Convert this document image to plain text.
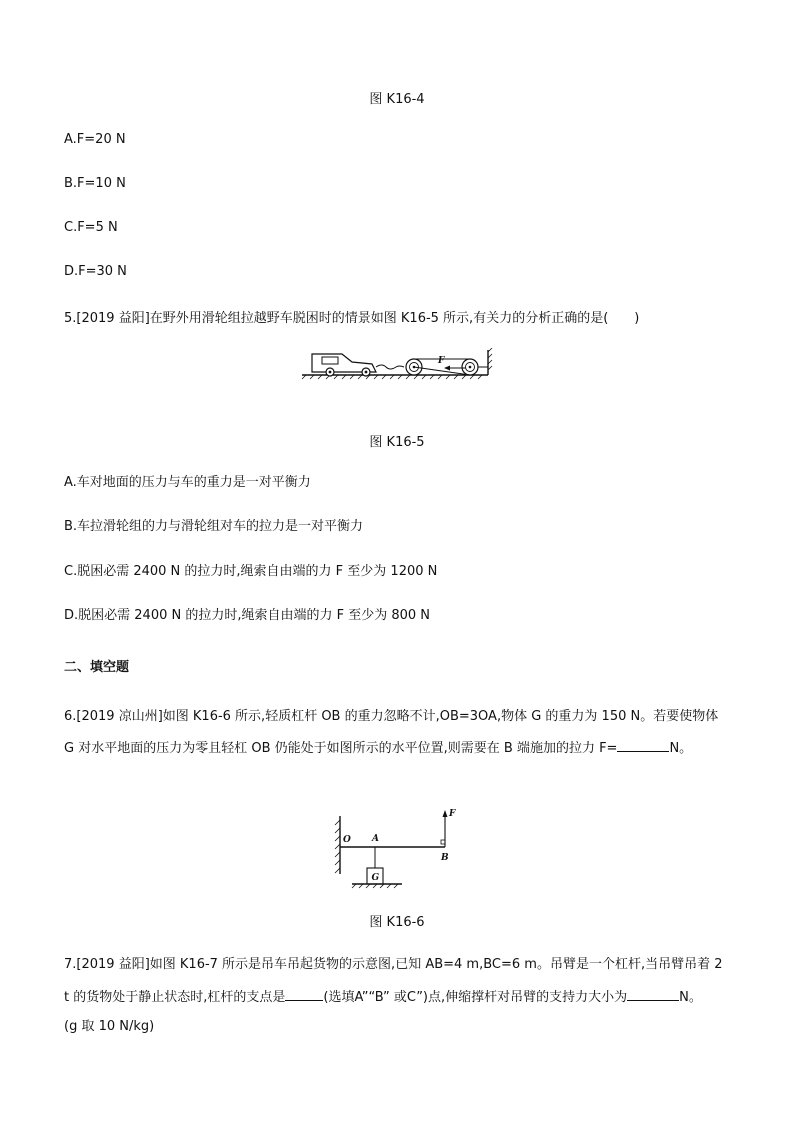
图 K16-4
A.F=20 N
B.F=10 N
C.F=5 N
D.F=30 N
5.[2019 益阳]在野外用滑轮组拉越野车脱困时的情景如图 K16-5 所示,有关力的分析正确的是(　　)
F
图 K16-5
A.车对地面的压力与车的重力是一对平衡力
B.车拉滑轮组的力与滑轮组对车的拉力是一对平衡力
C.脱困必需 2400 N 的拉力时,绳索自由端的力 F 至少为 1200 N
D.脱困必需 2400 N 的拉力时,绳索自由端的力 F 至少为 800 N
二、填空题
6.[2019 凉山州]如图 K16-6 所示,轻质杠杆 OB 的重力忽略不计,OB=3OA,物体 G 的重力为 150 N。若要使物体
G 对水平地面的压力为零且轻杠 OB 仍能处于如图所示的水平位置,则需要在 B 端施加的拉力 F=	N。
O A
B
F
G
图 K16-6
7.[2019 益阳]如图 K16-7 所示是吊车吊起货物的示意图,已知 AB=4 m,BC=6 m。吊臂是一个杠杆,当吊臂吊着 2
t 的货物处于静止状态时,杠杆的支点是	(选填A”“B” 或C”)点,伸缩撑杆对吊臂的支持力大小为	N。
(g 取 10 N/kg)
